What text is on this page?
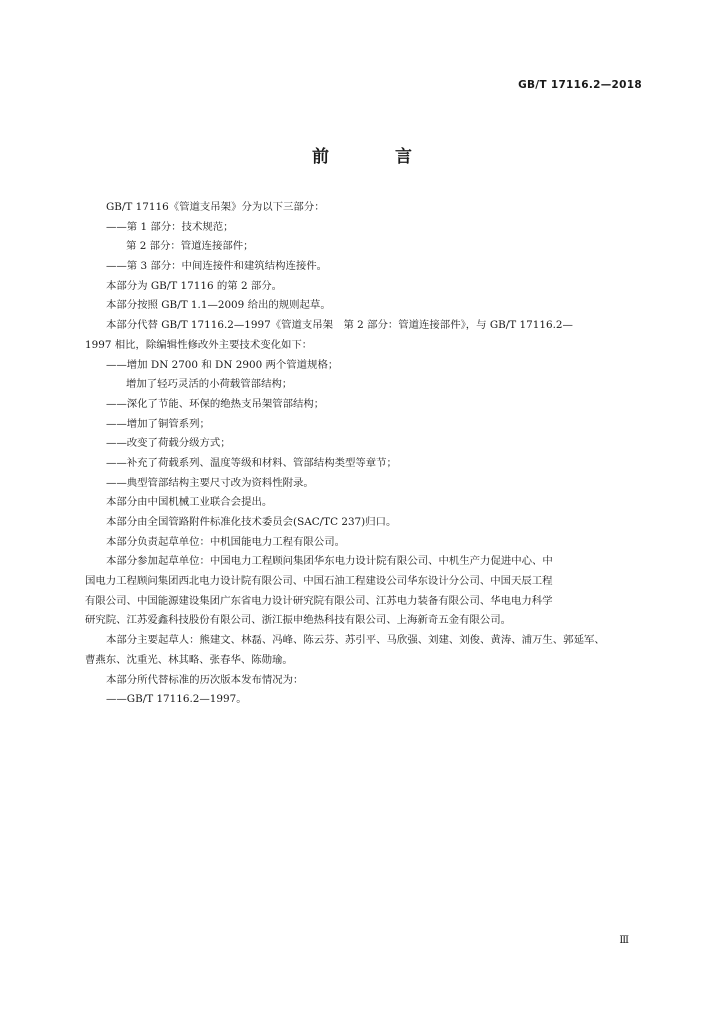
GB/T 17116.2—2018
前 言
GB/T 17116《管道支吊架》分为以下三部分：
——第 1 部分：技术规范；
第 2 部分：管道连接部件；
——第 3 部分：中间连接件和建筑结构连接件。
本部分为 GB/T 17116 的第 2 部分。
本部分按照 GB/T 1.1—2009 给出的规则起草。
本部分代替 GB/T 17116.2—1997《管道支吊架　第 2 部分：管道连接部件》，与 GB/T 17116.2—
1997 相比，除编辑性修改外主要技术变化如下：
——增加 DN 2700 和 DN 2900 两个管道规格；
增加了轻巧灵活的小荷载管部结构；
——深化了节能、环保的绝热支吊架管部结构；
——增加了铜管系列；
——改变了荷载分级方式；
——补充了荷载系列、温度等级和材料、管部结构类型等章节；
——典型管部结构主要尺寸改为资料性附录。
本部分由中国机械工业联合会提出。
本部分由全国管路附件标准化技术委员会(SAC/TC 237)归口。
本部分负责起草单位：中机国能电力工程有限公司。
本部分参加起草单位：中国电力工程顾问集团华东电力设计院有限公司、中机生产力促进中心、中
国电力工程顾问集团西北电力设计院有限公司、中国石油工程建设公司华东设计分公司、中国天辰工程
有限公司、中国能源建设集团广东省电力设计研究院有限公司、江苏电力装备有限公司、华电电力科学
研究院、江苏爱鑫科技股份有限公司、浙江振申绝热科技有限公司、上海新奇五金有限公司。
本部分主要起草人：熊建文、林磊、冯峰、陈云芬、苏引平、马欣强、刘建、刘俊、黄涛、浦万生、郭延军、
曹燕东、沈重光、林其略、张春华、陈勋瑜。
本部分所代替标准的历次版本发布情况为：
——GB/T 17116.2—1997。
Ⅲ
